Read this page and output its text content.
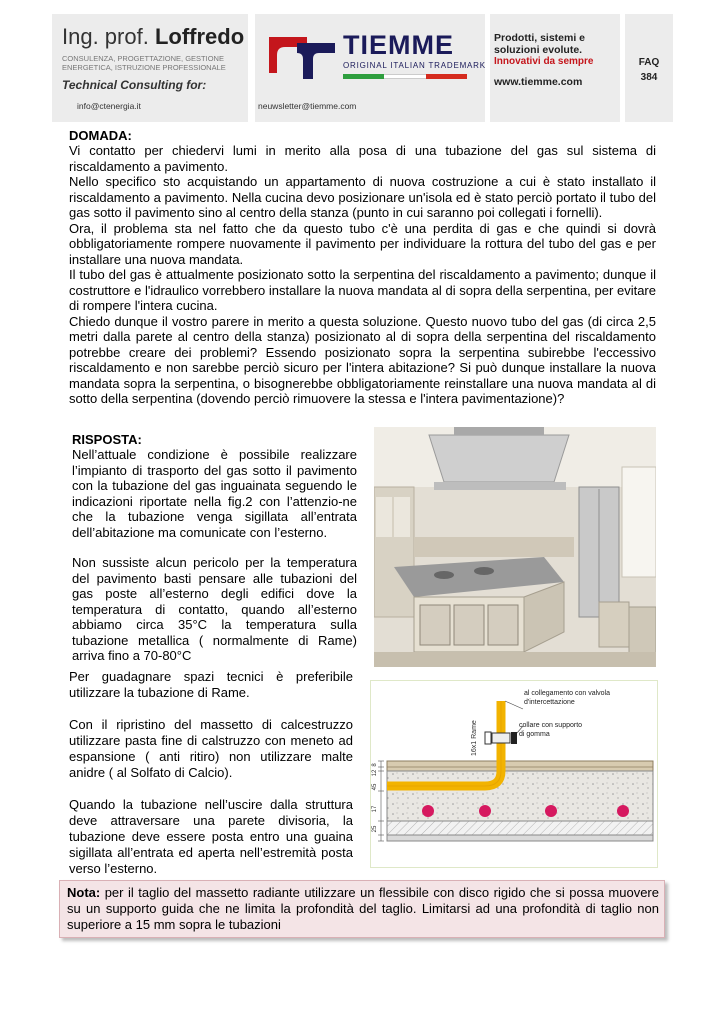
Ing. prof. Loffredo
CONSULENZA, PROGETTAZIONE, GESTIONE ENERGETICA, ISTRUZIONE PROFESSIONALE
Technical Consulting for:
TIEMME
ORIGINAL ITALIAN TRADEMARK
Prodotti, sistemi e soluzioni evolute.
Innovativi da sempre
www.tiemme.com
FAQ
384
info@ctenergia.it	neuwsletter@tiemme.com
DOMADA:

Vi contatto per chiedervi lumi in merito alla posa di una tubazione del gas sul sistema di riscaldamento a pavimento.

Nello specifico sto acquistando un appartamento di nuova costruzione a cui è stato installato il riscaldamento a pavimento. Nella cucina devo posizionare un'isola ed è stato perciò portato il tubo del gas sotto il pavimento sino al centro della stanza (punto in cui saranno poi collegati i fornelli).

Ora, il problema sta nel fatto che da questo tubo c'è una perdita di gas e che quindi si dovrà obbligatoriamente rompere nuovamente il pavimento per individuare la rottura del tubo del gas e per installare una nuova mandata.

Il tubo del gas è attualmente posizionato sotto la serpentina del riscaldamento a pavimento; dunque il costruttore e l'idraulico vorrebbero installare la nuova mandata al di sopra della serpentina, per evitare di rompere l'intera cucina.

Chiedo dunque il vostro parere in merito a questa soluzione. Questo nuovo tubo del gas (di circa 2,5 metri dalla parete al centro della stanza) posizionato al di sopra della serpentina del riscaldamento potrebbe creare dei problemi? Essendo posizionato sopra la serpentina subirebbe l'eccessivo riscaldamento e non sarebbe perciò sicuro per l'intera abitazione? Si può dunque installare la nuova mandata sopra la serpentina, o bisognerebbe obbligatoriamente reinstallare una nuova mandata al di sotto della serpentina (dovendo perciò rimuovere la stessa e l'intera pavimentazione)?

RISPOSTA:

Nell’attuale condizione è possibile realizzare l’impianto di trasporto del gas sotto il pavimento con la tubazione del gas inguainata seguendo le indicazioni riportate nella fig.2 con l’attenzio-ne che la tubazione venga sigillata all’entrata dell’abitazione ma comunicate con l’esterno.

Non sussiste alcun pericolo per la temperatura del pavimento basti pensare alle tubazioni del gas poste all’esterno degli edifici dove la temperatura di contatto, quando all’esterno abbiamo circa 35°C la temperatura sulla tubazione metallica ( normalmente di Rame) arriva fino a 70-80°C

8
12
45
17
25
16x1 Rame
al collegamento con valvola d'intercettazione
collare con supporto di gomma

Per guadagnare spazi tecnici è preferibile utilizzare la tubazione di Rame.

Con il ripristino del massetto di calcestruzzo utilizzare pasta fine di calstruzzo con meneto ad espansione ( anti ritiro) non utilizzare malte anidre ( al Solfato di Calcio).

Quando la tubazione nell’uscire dalla struttura deve attraversare una parete divisoria, la tubazione deve essere posta entro una guaina sigillata all’entrata ed aperta nell’estremità posta verso l’esterno.

Nota: per il taglio del massetto radiante utilizzare un flessibile con disco rigido che si possa muovere su un supporto guida che ne limita la profondità del taglio. Limitarsi ad una profondità di taglio non superiore a 15 mm sopra le tubazioni
